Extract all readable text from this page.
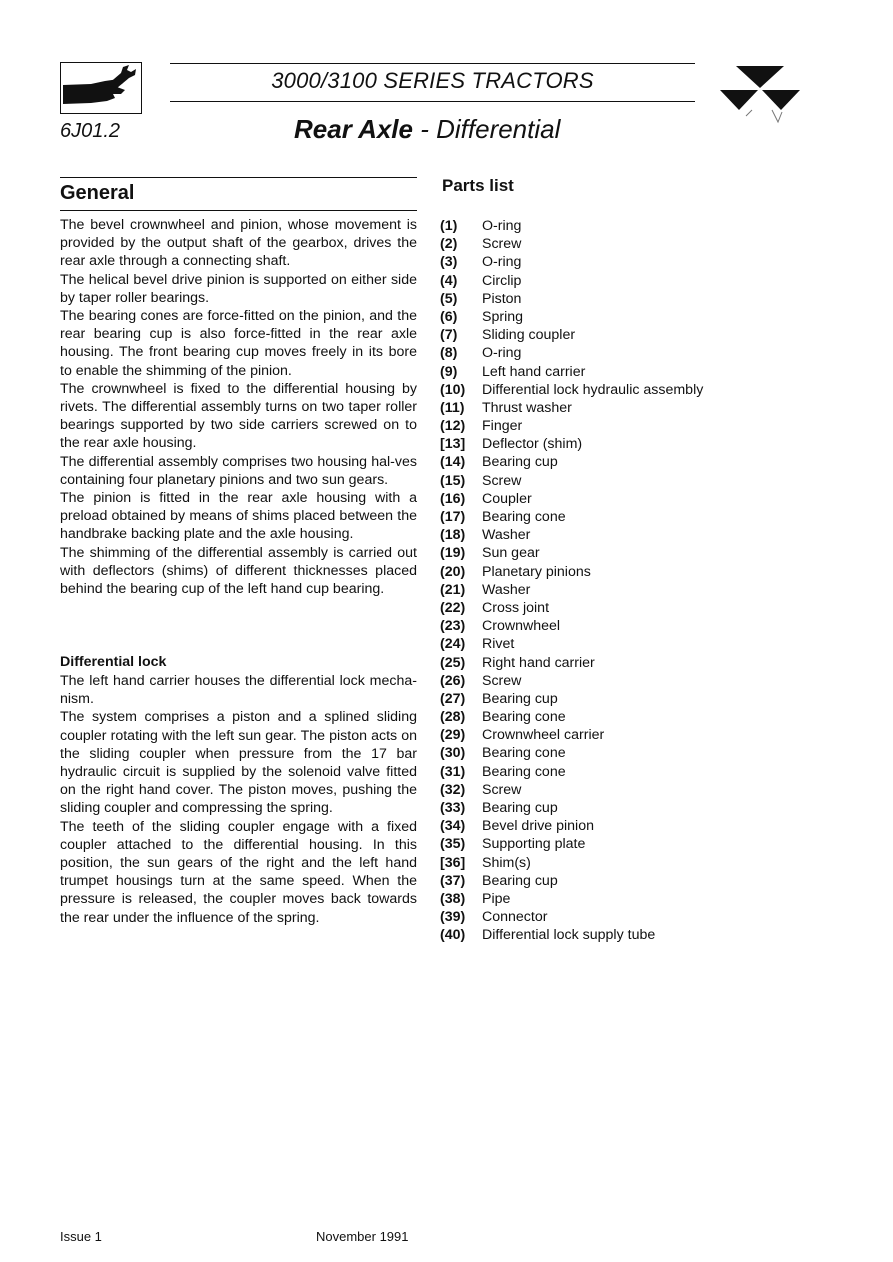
3000/3100 SERIES TRACTORS
6J01.2	Rear Axle - Differential
General

The bevel crownwheel and pinion, whose movement is provided by the output shaft of the gearbox, drives the rear axle through a connecting shaft.

The helical bevel drive pinion is supported on either side by taper roller bearings.

The bearing cones are force-fitted on the pinion, and the rear bearing cup is also force-fitted in the rear axle housing. The front bearing cup moves freely in its bore to enable the shimming of the pinion.

The crownwheel is fixed to the differential housing by rivets. The differential assembly turns on two taper roller bearings supported by two side carriers screwed on to the rear axle housing.

The differential assembly comprises two housing hal-ves containing four planetary pinions and two sun gears.

The pinion is fitted in the rear axle housing with a preload obtained by means of shims placed between the handbrake backing plate and the axle housing.

The shimming of the differential assembly is carried out with deflectors (shims) of different thicknesses placed behind the bearing cup of the left hand cup bearing.

Differential lock

The left hand carrier houses the differential lock mecha-nism.

The system comprises a piston and a splined sliding coupler rotating with the left sun gear. The piston acts on the sliding coupler when pressure from the 17 bar hydraulic circuit is supplied by the solenoid valve fitted on the right hand cover. The piston moves, pushing the sliding coupler and compressing the spring.

The teeth of the sliding coupler engage with a fixed coupler attached to the differential housing. In this position, the sun gears of the right and the left hand trumpet housings turn at the same speed. When the pressure is released, the coupler moves back towards the rear under the influence of the spring.

Parts list
(1) O-ring
(2) Screw
(3) O-ring
(4) Circlip
(5) Piston
(6) Spring
(7) Sliding coupler
(8) O-ring
(9) Left hand carrier
(10) Differential lock hydraulic assembly
(11) Thrust washer
(12) Finger
[13] Deflector (shim)
(14) Bearing cup
(15) Screw
(16) Coupler
(17) Bearing cone
(18) Washer
(19) Sun gear
(20) Planetary pinions
(21) Washer
(22) Cross joint
(23) Crownwheel
(24) Rivet
(25) Right hand carrier
(26) Screw
(27) Bearing cup
(28) Bearing cone
(29) Crownwheel carrier
(30) Bearing cone
(31) Bearing cone
(32) Screw
(33) Bearing cup
(34) Bevel drive pinion
(35) Supporting plate
[36] Shim(s)
(37) Bearing cup
(38) Pipe
(39) Connector
(40) Differential lock supply tube
Issue 1	November 1991
